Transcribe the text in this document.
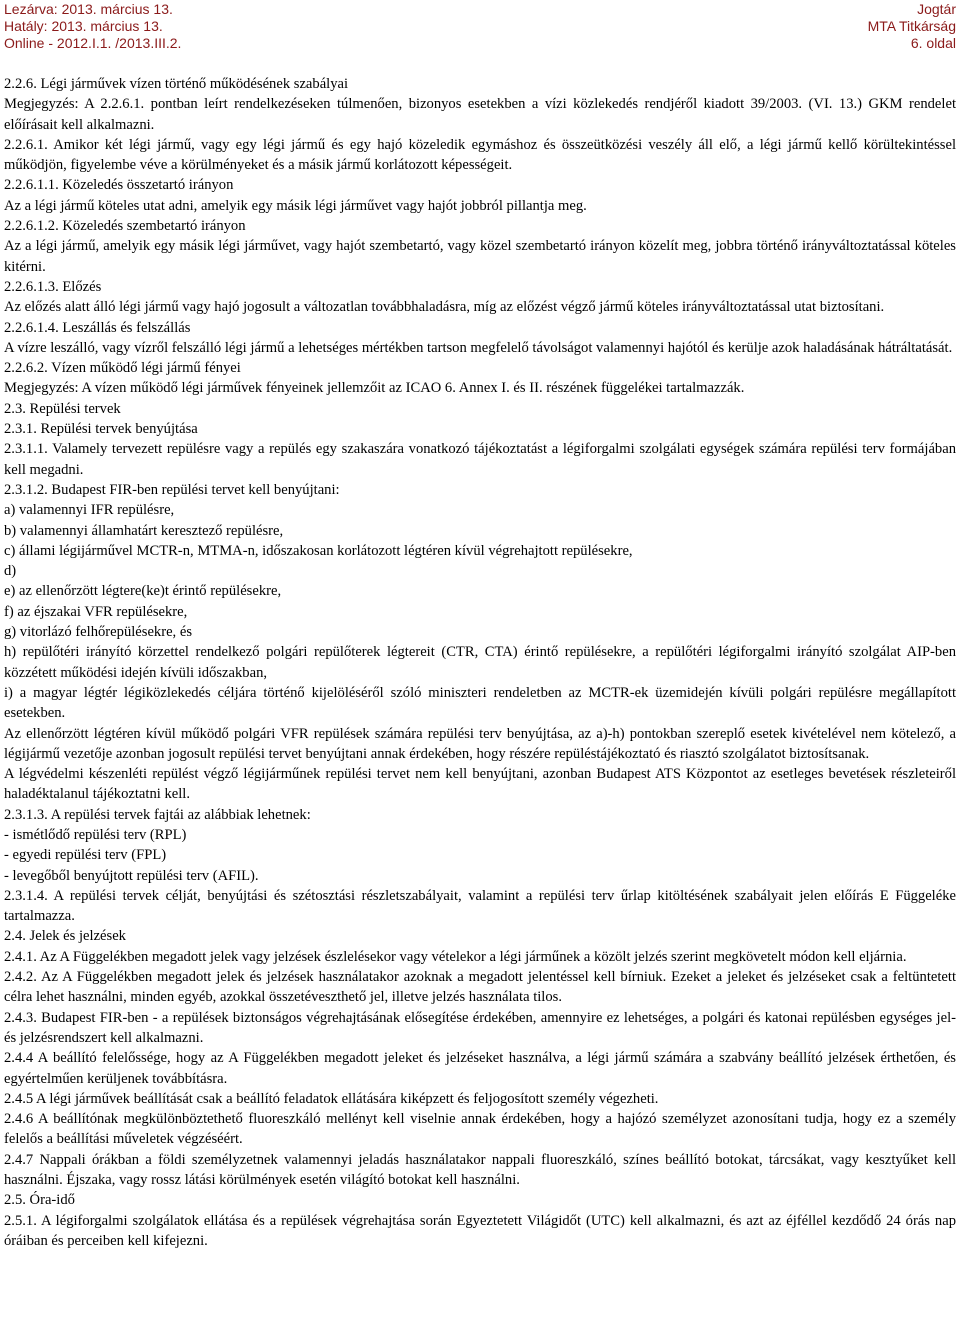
Lezárva: 2013. március 13.
Hatály: 2013. március 13.
Online - 2012.I.1. /2013.III.2.
Jogtár
MTA Titkárság
6. oldal

2.2.6. Légi járművek vízen történő működésének szabályai

Megjegyzés: A 2.2.6.1. pontban leírt rendelkezéseken túlmenően, bizonyos esetekben a vízi közlekedés rendjéről kiadott 39/2003. (VI. 13.) GKM rendelet előírásait kell alkalmazni.

2.2.6.1. Amikor két légi jármű, vagy egy légi jármű és egy hajó közeledik egymáshoz és összeütközési veszély áll elő, a légi jármű kellő körültekintéssel működjön, figyelembe véve a körülményeket és a másik jármű korlátozott képességeit.

2.2.6.1.1. Közeledés összetartó irányon

Az a légi jármű köteles utat adni, amelyik egy másik légi járművet vagy hajót jobbról pillantja meg.

2.2.6.1.2. Közeledés szembetartó irányon

Az a légi jármű, amelyik egy másik légi járművet, vagy hajót szembetartó, vagy közel szembetartó irányon közelít meg, jobbra történő irányváltoztatással köteles kitérni.

2.2.6.1.3. Előzés

Az előzés alatt álló légi jármű vagy hajó jogosult a változatlan továbbhaladásra, míg az előzést végző jármű köteles irányváltoztatással utat biztosítani.

2.2.6.1.4. Leszállás és felszállás

A vízre leszálló, vagy vízről felszálló légi jármű a lehetséges mértékben tartson megfelelő távolságot valamennyi hajótól és kerülje azok haladásának hátráltatását.

2.2.6.2. Vízen működő légi jármű fényei

Megjegyzés: A vízen működő légi járművek fényeinek jellemzőit az ICAO 6. Annex I. és II. részének függelékei tartalmazzák.

2.3. Repülési tervek

2.3.1. Repülési tervek benyújtása

2.3.1.1. Valamely tervezett repülésre vagy a repülés egy szakaszára vonatkozó tájékoztatást a légiforgalmi szolgálati egységek számára repülési terv formájában kell megadni.

2.3.1.2. Budapest FIR-ben repülési tervet kell benyújtani:

a) valamennyi IFR repülésre,

b) valamennyi államhatárt keresztező repülésre,

c) állami légijárművel MCTR-n, MTMA-n, időszakosan korlátozott légtéren kívül végrehajtott repülésekre,

d)

e) az ellenőrzött légtere(ke)t érintő repülésekre,

f) az éjszakai VFR repülésekre,

g) vitorlázó felhőrepülésekre, és

h) repülőtéri irányító körzettel rendelkező polgári repülőterek légtereit (CTR, CTA) érintő repülésekre, a repülőtéri légiforgalmi irányító szolgálat AIP-ben közzétett működési idején kívüli időszakban,

i) a magyar légtér légiközlekedés céljára történő kijelöléséről szóló miniszteri rendeletben az MCTR-ek üzemidején kívüli polgári repülésre megállapított esetekben.

Az ellenőrzött légtéren kívül működő polgári VFR repülések számára repülési terv benyújtása, az a)-h) pontokban szereplő esetek kivételével nem kötelező, a légijármű vezetője azonban jogosult repülési tervet benyújtani annak érdekében, hogy részére repüléstájékoztató és riasztó szolgálatot biztosítsanak.

A légvédelmi készenléti repülést végző légijárműnek repülési tervet nem kell benyújtani, azonban Budapest ATS Központot az esetleges bevetések részleteiről haladéktalanul tájékoztatni kell.

2.3.1.3. A repülési tervek fajtái az alábbiak lehetnek:

- ismétlődő repülési terv (RPL)

- egyedi repülési terv (FPL)

- levegőből benyújtott repülési terv (AFIL).

2.3.1.4. A repülési tervek célját, benyújtási és szétosztási részletszabályait, valamint a repülési terv űrlap kitöltésének szabályait jelen előírás E Függeléke tartalmazza.

2.4. Jelek és jelzések

2.4.1. Az A Függelékben megadott jelek vagy jelzések észlelésekor vagy vételekor a légi járműnek a közölt jelzés szerint megkövetelt módon kell eljárnia.

2.4.2. Az A Függelékben megadott jelek és jelzések használatakor azoknak a megadott jelentéssel kell bírniuk. Ezeket a jeleket és jelzéseket csak a feltüntetett célra lehet használni, minden egyéb, azokkal összetéveszthető jel, illetve jelzés használata tilos.

2.4.3. Budapest FIR-ben - a repülések biztonságos végrehajtásának elősegítése érdekében, amennyire ez lehetséges, a polgári és katonai repülésben egységes jel- és jelzésrendszert kell alkalmazni.

2.4.4 A beállító felelőssége, hogy az A Függelékben megadott jeleket és jelzéseket használva, a légi jármű számára a szabvány beállító jelzések érthetően, és egyértelműen kerüljenek továbbításra.

2.4.5 A légi járművek beállítását csak a beállító feladatok ellátására kiképzett és feljogosított személy végezheti.

2.4.6 A beállítónak megkülönböztethető fluoreszkáló mellényt kell viselnie annak érdekében, hogy a hajózó személyzet azonosítani tudja, hogy ez a személy felelős a beállítási műveletek végzéséért.

2.4.7 Nappali órákban a földi személyzetnek valamennyi jeladás használatakor nappali fluoreszkáló, színes beállító botokat, tárcsákat, vagy kesztyűket kell használni. Éjszaka, vagy rossz látási körülmények esetén világító botokat kell használni.

2.5. Óra-idő

2.5.1. A légiforgalmi szolgálatok ellátása és a repülések végrehajtása során Egyeztetett Világidőt (UTC) kell alkalmazni, és azt az éjféllel kezdődő 24 órás nap óráiban és perceiben kell kifejezni.
